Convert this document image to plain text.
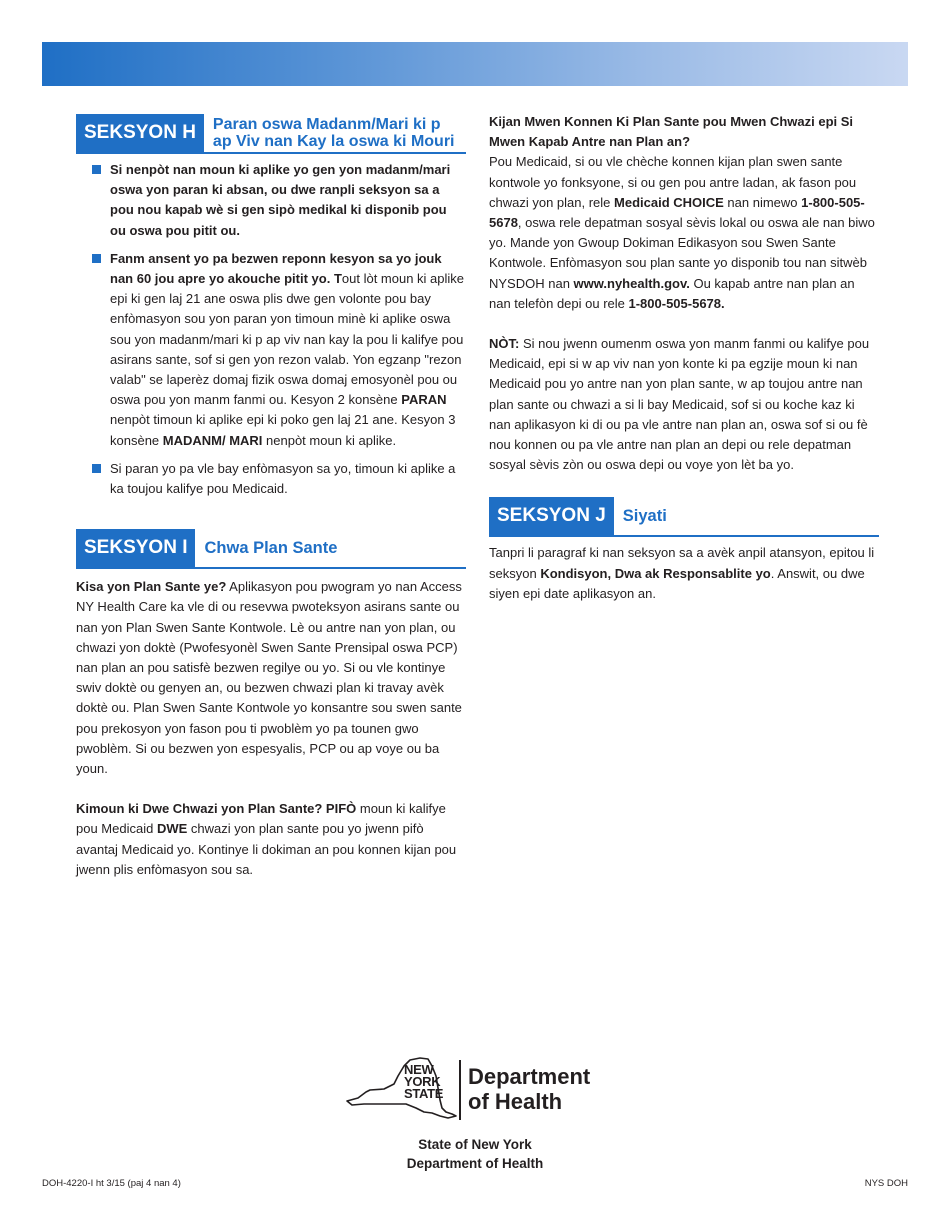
SEKSYON H	Paran oswa Madanm/Mari ki p
ap Viv nan Kay la oswa ki Mouri
Si nenpòt nan moun ki aplike yo gen yon madanm/mari oswa yon paran ki absan, ou dwe ranpli seksyon sa a pou nou kapab wè si gen sipò medikal ki disponib pou ou oswa pou pitit ou.
Fanm ansent yo pa bezwen reponn kesyon sa yo jouk nan 60 jou apre yo akouche pitit yo. Tout lòt moun ki aplike epi ki gen laj 21 ane oswa plis dwe gen volonte pou bay enfòmasyon sou yon paran yon timoun minè ki aplike oswa sou yon madanm/mari ki p ap viv nan kay la pou li kalifye pou asirans sante, sof si gen yon rezon valab. Yon egzanp "rezon valab" se laperèz domaj fizik oswa domaj emosyonèl pou ou oswa pou yon manm fanmi ou. Kesyon 2 konsène PARAN nenpòt timoun ki aplike epi ki poko gen laj 21 ane. Kesyon 3 konsène MADANM/ MARI nenpòt moun ki aplike.
Si paran yo pa vle bay enfòmasyon sa yo, timoun ki aplike a ka toujou kalifye pou Medicaid.
SEKSYON I	Chwa Plan Sante

Kisa yon Plan Sante ye? Aplikasyon pou pwogram yo nan Access NY Health Care ka vle di ou resevwa pwoteksyon asirans sante ou nan yon Plan Swen Sante Kontwole. Lè ou antre nan yon plan, ou chwazi yon doktè (Pwofesyonèl Swen Sante Prensipal oswa PCP) nan plan an pou satisfè bezwen regilye ou yo. Si ou vle kontinye swiv doktè ou genyen an, ou bezwen chwazi plan ki travay avèk doktè ou. Plan Swen Sante Kontwole yo konsantre sou swen sante pou prekosyon yon fason pou ti pwoblèm yo pa tounen gwo pwoblèm. Si ou bezwen yon espesyalis, PCP ou ap voye ou ba youn.

Kimoun ki Dwe Chwazi yon Plan Sante? PIFÒ moun ki kalifye pou Medicaid DWE chwazi yon plan sante pou yo jwenn pifò avantaj Medicaid yo. Kontinye li dokiman an pou konnen kijan pou jwenn plis enfòmasyon sou sa.

Kijan Mwen Konnen Ki Plan Sante pou Mwen Chwazi epi Si Mwen Kapab Antre nan Plan an?

Pou Medicaid, si ou vle chèche konnen kijan plan swen sante kontwole yo fonksyone, si ou gen pou antre ladan, ak fason pou chwazi yon plan, rele Medicaid CHOICE nan nimewo 1-800-505-5678, oswa rele depatman sosyal sèvis lokal ou oswa ale nan biwo yo. Mande yon Gwoup Dokiman Edikasyon sou Swen Sante Kontwole. Enfòmasyon sou plan sante yo disponib tou nan sitwèb NYSDOH nan www.nyhealth.gov. Ou kapab antre nan plan an nan telefòn depi ou rele 1-800-505-5678.

NÒT: Si nou jwenn oumenm oswa yon manm fanmi ou kalifye pou Medicaid, epi si w ap viv nan yon konte ki pa egzije moun ki nan Medicaid pou yo antre nan yon plan sante, w ap toujou antre nan plan sante ou chwazi a si li bay Medicaid, sof si ou koche kaz ki nan aplikasyon ki di ou pa vle antre nan plan an, oswa sof si ou fè nou konnen ou pa vle antre nan plan an depi ou rele depatman sosyal sèvis zòn ou oswa depi ou voye yon lèt ba yo.

SEKSYON J	Siyati

Tanpri li paragraf ki nan seksyon sa a avèk anpil atansyon, epitou li seksyon Kondisyon, Dwa ak Responsablite yo. Answit, ou dwe siyen epi date aplikasyon an.

NEW
YORK
STATE
Department
of Health
State of New York
Department of Health
DOH-4220-I ht 3/15 (paj 4 nan 4)	NYS DOH
